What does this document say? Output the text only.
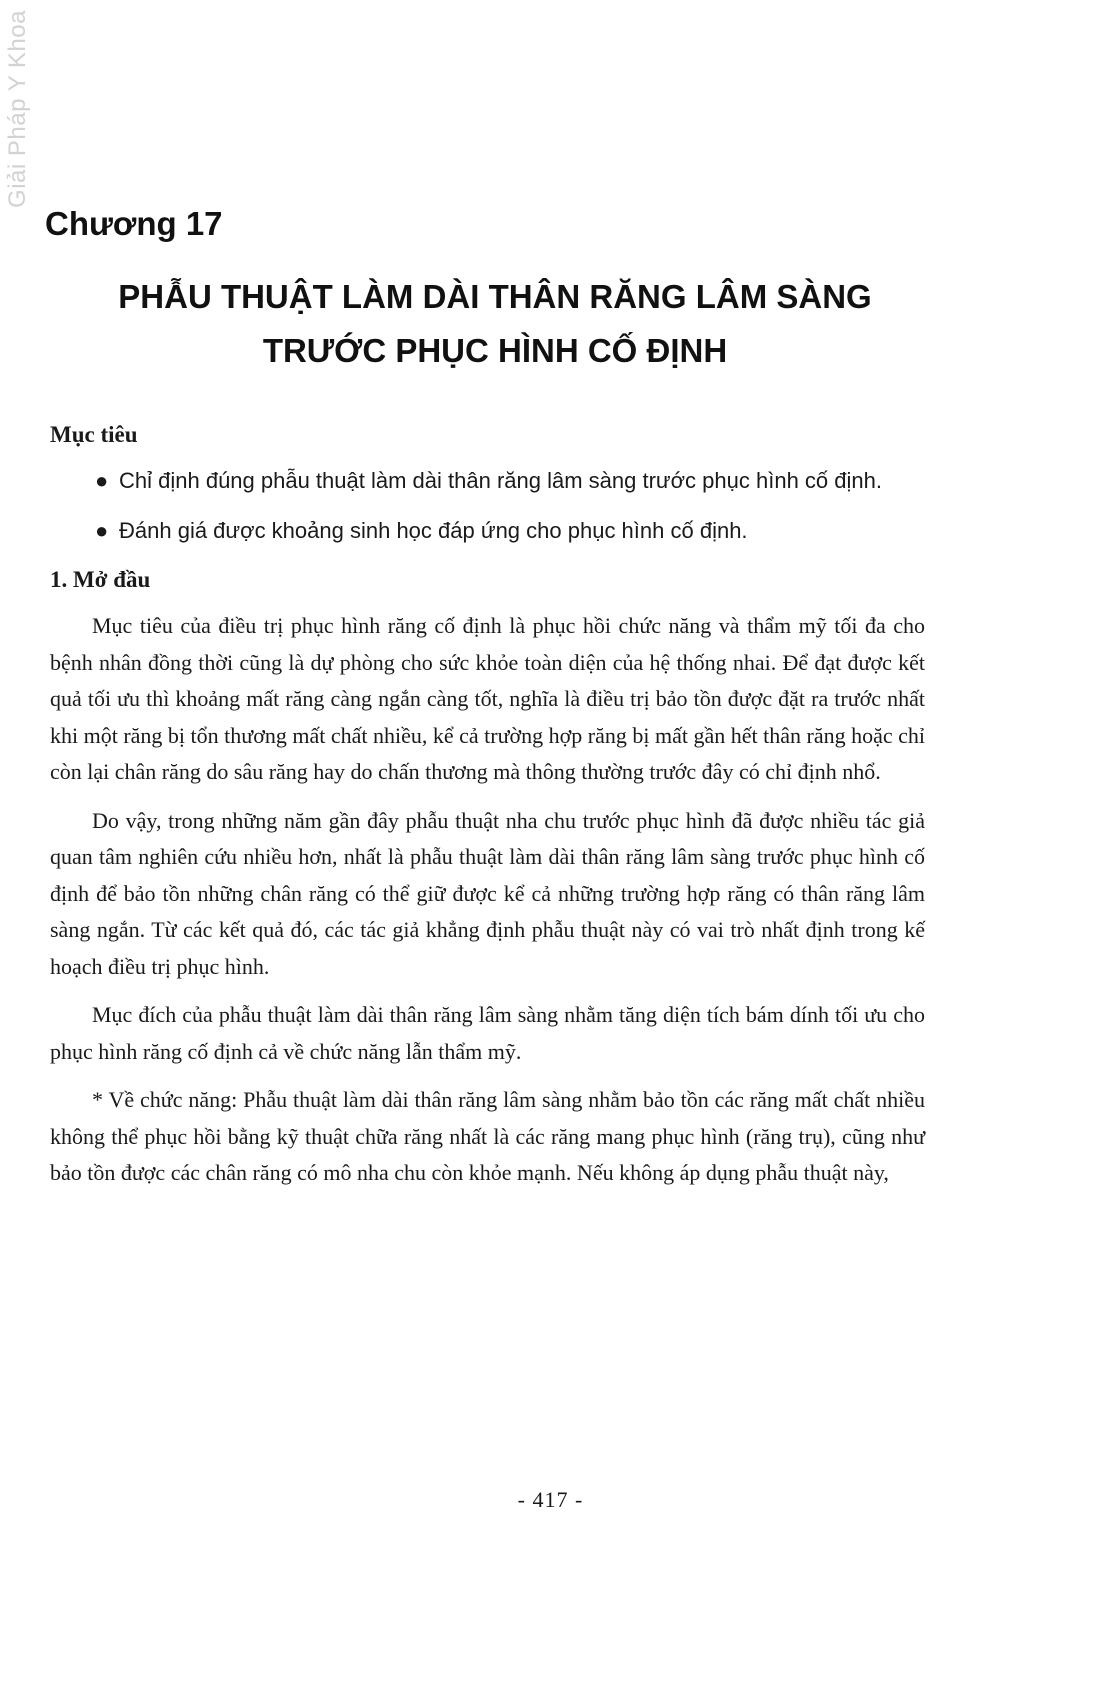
Giải Pháp Y Khoa
Chương 17
PHẪU THUẬT LÀM DÀI THÂN RĂNG LÂM SÀNG
TRƯỚC PHỤC HÌNH CỐ ĐỊNH

Mục tiêu

● Chỉ định đúng phẫu thuật làm dài thân răng lâm sàng trước phục hình cố định.

● Đánh giá được khoảng sinh học đáp ứng cho phục hình cố định.

1. Mở đầu

Mục tiêu của điều trị phục hình răng cố định là phục hồi chức năng và thẩm mỹ tối đa cho bệnh nhân đồng thời cũng là dự phòng cho sức khỏe toàn diện của hệ thống nhai. Để đạt được kết quả tối ưu thì khoảng mất răng càng ngắn càng tốt, nghĩa là điều trị bảo tồn được đặt ra trước nhất khi một răng bị tổn thương mất chất nhiều, kể cả trường hợp răng bị mất gần hết thân răng hoặc chỉ còn lại chân răng do sâu răng hay do chấn thương mà thông thường trước đây có chỉ định nhổ.

Do vậy, trong những năm gần đây phẫu thuật nha chu trước phục hình đã được nhiều tác giả quan tâm nghiên cứu nhiều hơn, nhất là phẫu thuật làm dài thân răng lâm sàng trước phục hình cố định để bảo tồn những chân răng có thể giữ được kể cả những trường hợp răng có thân răng lâm sàng ngắn. Từ các kết quả đó, các tác giả khẳng định phẫu thuật này có vai trò nhất định trong kế hoạch điều trị phục hình.

Mục đích của phẫu thuật làm dài thân răng lâm sàng nhằm tăng diện tích bám dính tối ưu cho phục hình răng cố định cả về chức năng lẫn thẩm mỹ.

* Về chức năng: Phẫu thuật làm dài thân răng lâm sàng nhằm bảo tồn các răng mất chất nhiều không thể phục hồi bằng kỹ thuật chữa răng nhất là các răng mang phục hình (răng trụ), cũng như bảo tồn được các chân răng có mô nha chu còn khỏe mạnh. Nếu không áp dụng phẫu thuật này,

- 417 -
